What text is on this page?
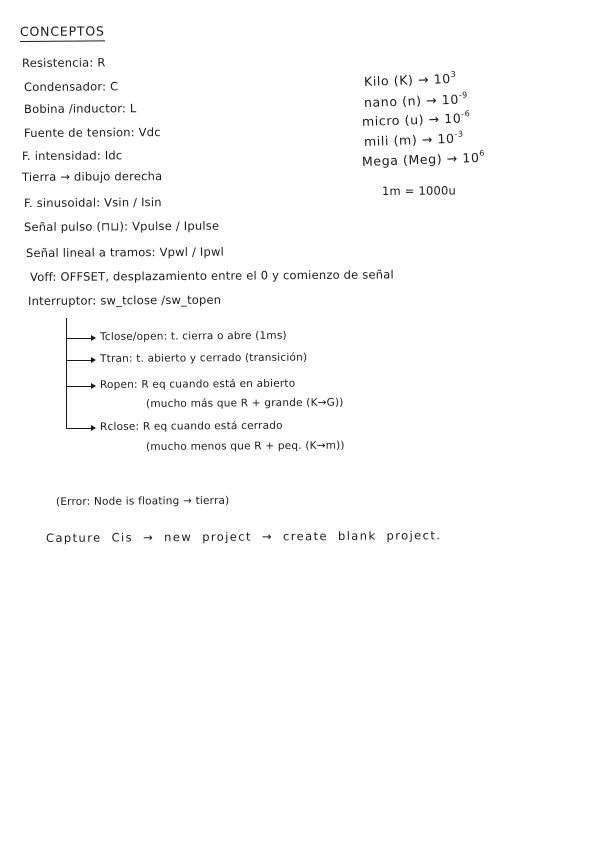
CONCEPTOS
Resistencia: R
Condensador: C
Bobina /inductor: L
Fuente de tension: Vdc
F. intensidad: Idc
Tierra → dibujo derecha
F. sinusoidal: Vsin / Isin
Señal pulso (⊓⊔): Vpulse / Ipulse
Señal lineal a tramos: Vpwl / Ipwl
Voff: OFFSET, desplazamiento entre el 0 y comienzo de señal
Interruptor: sw_tclose /sw_topen
Kilo $(K) \to 10^3$
nano $(n) \to 10^{-9}$
micro $(u) \to 10^{-6}$
mili $(m) \to 10^{-3}$
Mega $(Meg) \to 10^6$
1m = 1000u
Tclose/open: t. cierra o abre (1ms)
Ttran: t. abierto y cerrado (transición)
Ropen: R eq cuando está en abierto
(mucho más que R + grande (K→G))
Rclose: R eq cuando está cerrado
(mucho menos que R + peq. (K→m))
(Error: Node is floating → tierra)
Capture Cis → new project → create blank project.
